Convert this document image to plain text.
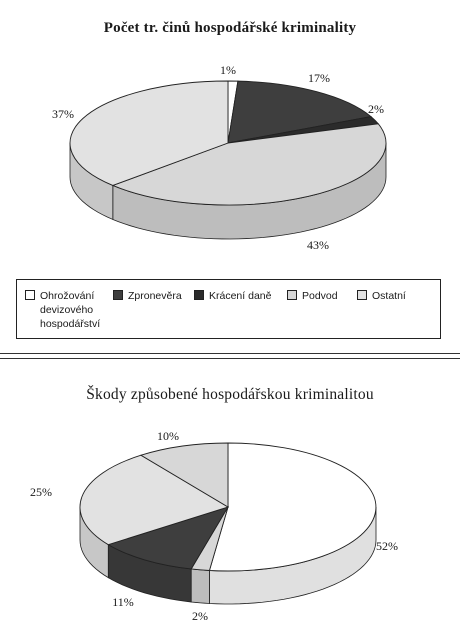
Počet tr. činů hospodářské kriminality
1%
17%
2%
43%
37%
Ohrožování devizového hospodářství
Zpronevěra	Krácení daně	Podvod	Ostatní
Škody způsobené hospodářskou kriminalitou
52%
2%
11%
25%
10%
